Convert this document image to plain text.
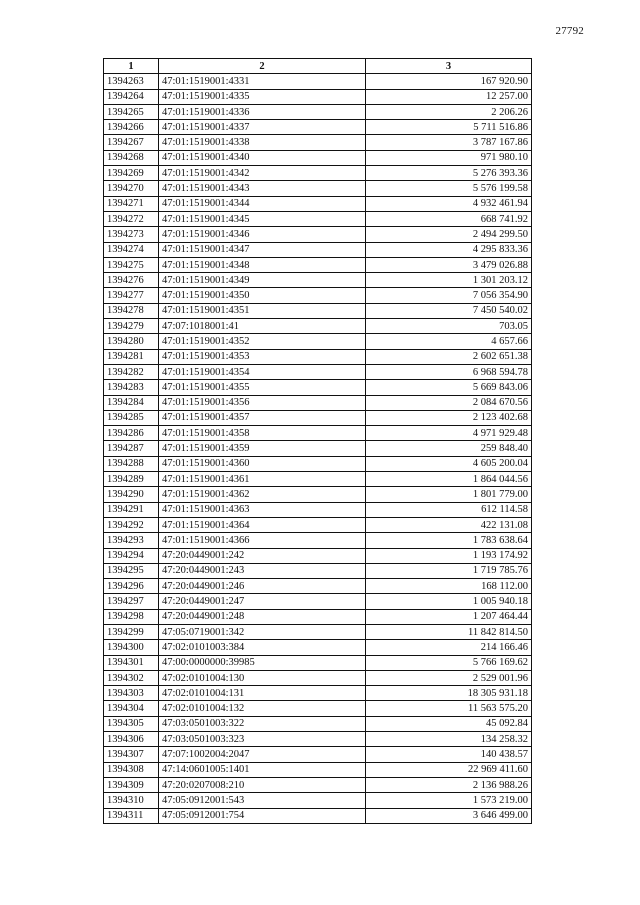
27792
1	2	3
1394263	47:01:1519001:4331	167 920.90
1394264	47:01:1519001:4335	12 257.00
1394265	47:01:1519001:4336	2 206.26
1394266	47:01:1519001:4337	5 711 516.86
1394267	47:01:1519001:4338	3 787 167.86
1394268	47:01:1519001:4340	971 980.10
1394269	47:01:1519001:4342	5 276 393.36
1394270	47:01:1519001:4343	5 576 199.58
1394271	47:01:1519001:4344	4 932 461.94
1394272	47:01:1519001:4345	668 741.92
1394273	47:01:1519001:4346	2 494 299.50
1394274	47:01:1519001:4347	4 295 833.36
1394275	47:01:1519001:4348	3 479 026.88
1394276	47:01:1519001:4349	1 301 203.12
1394277	47:01:1519001:4350	7 056 354.90
1394278	47:01:1519001:4351	7 450 540.02
1394279	47:07:1018001:41	703.05
1394280	47:01:1519001:4352	4 657.66
1394281	47:01:1519001:4353	2 602 651.38
1394282	47:01:1519001:4354	6 968 594.78
1394283	47:01:1519001:4355	5 669 843.06
1394284	47:01:1519001:4356	2 084 670.56
1394285	47:01:1519001:4357	2 123 402.68
1394286	47:01:1519001:4358	4 971 929.48
1394287	47:01:1519001:4359	259 848.40
1394288	47:01:1519001:4360	4 605 200.04
1394289	47:01:1519001:4361	1 864 044.56
1394290	47:01:1519001:4362	1 801 779.00
1394291	47:01:1519001:4363	612 114.58
1394292	47:01:1519001:4364	422 131.08
1394293	47:01:1519001:4366	1 783 638.64
1394294	47:20:0449001:242	1 193 174.92
1394295	47:20:0449001:243	1 719 785.76
1394296	47:20:0449001:246	168 112.00
1394297	47:20:0449001:247	1 005 940.18
1394298	47:20:0449001:248	1 207 464.44
1394299	47:05:0719001:342	11 842 814.50
1394300	47:02:0101003:384	214 166.46
1394301	47:00:0000000:39985	5 766 169.62
1394302	47:02:0101004:130	2 529 001.96
1394303	47:02:0101004:131	18 305 931.18
1394304	47:02:0101004:132	11 563 575.20
1394305	47:03:0501003:322	45 092.84
1394306	47:03:0501003:323	134 258.32
1394307	47:07:1002004:2047	140 438.57
1394308	47:14:0601005:1401	22 969 411.60
1394309	47:20:0207008:210	2 136 988.26
1394310	47:05:0912001:543	1 573 219.00
1394311	47:05:0912001:754	3 646 499.00
